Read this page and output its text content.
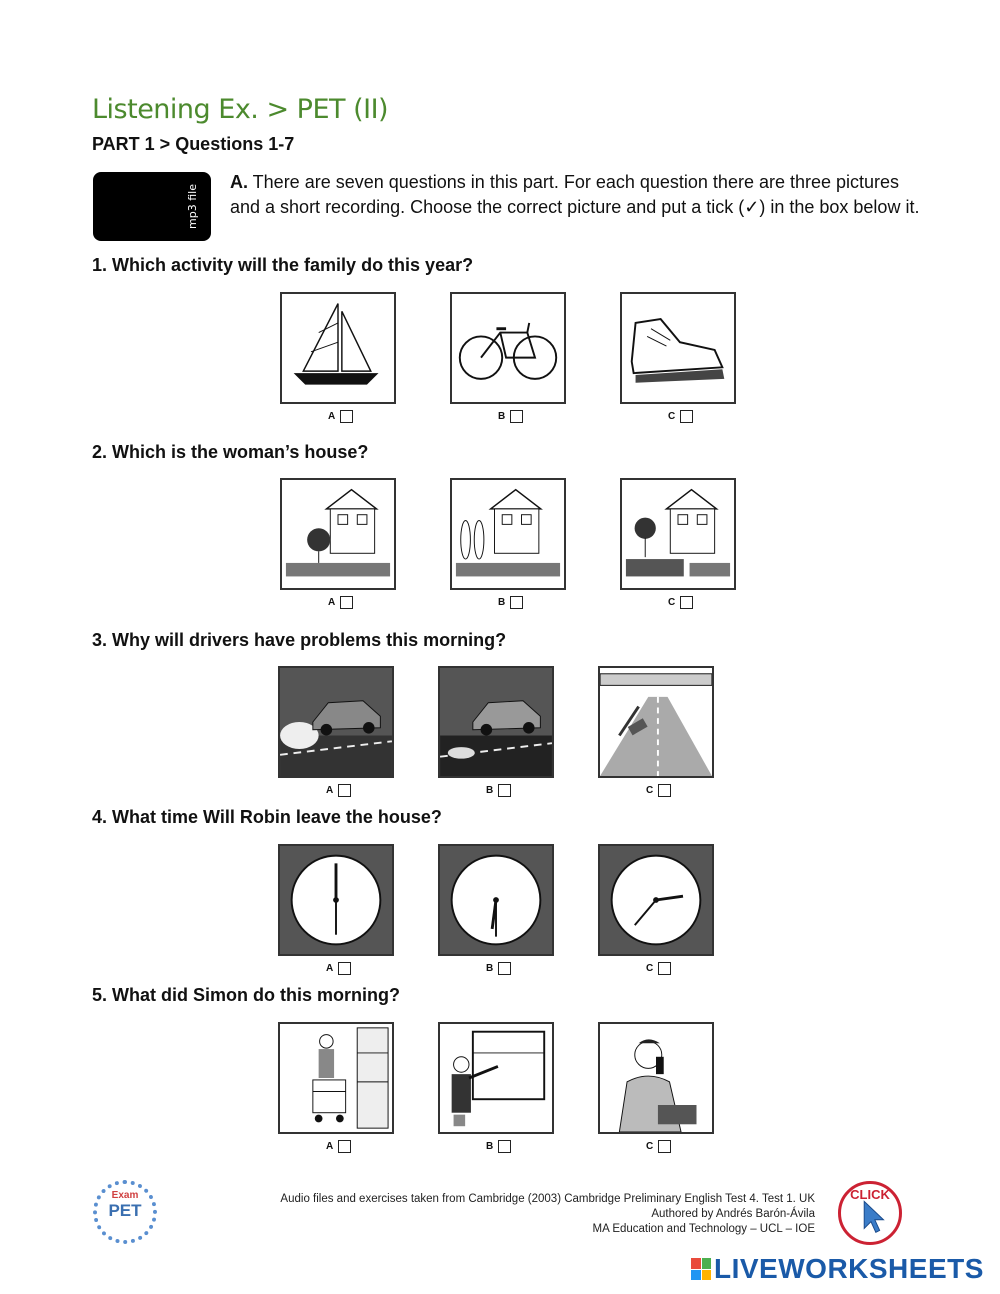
Listening Ex. > PET (II)
PART 1 > Questions 1-7
mp3 file
A. There are seven questions in this part. For each question there are three pictures and a short recording. Choose the correct picture and put a tick (✓) in the box below it.
1. Which activity will the family do this year?
A	B	C
2. Which is the woman’s house?
A	B	C
3. Why will drivers have problems this morning?
A	B	C
4. What time Will Robin leave the house?
A	B	C
5. What did Simon do this morning?
A	B	C
Exam
PET
Audio files and exercises taken from Cambridge (2003) Cambridge Preliminary English Test 4. Test 1. UK
Authored by Andrés Barón-Ávila
MA Education and Technology – UCL – IOE
CLICK
LIVEWORKSHEETS
